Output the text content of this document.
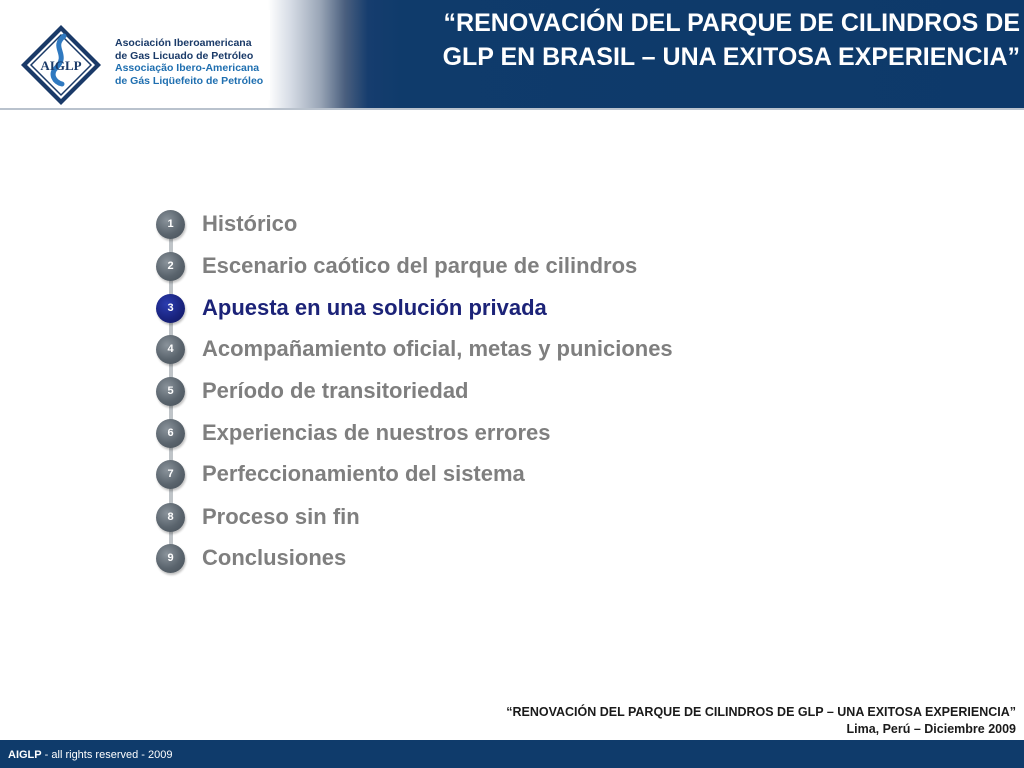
AIGLP
Asociación Iberoamericana
de Gas Licuado de Petróleo
Associação Ibero-Americana
de Gás Liqüefeito de Petróleo
“RENOVACIÓN DEL PARQUE DE CILINDROS DE
GLP EN BRASIL – UNA EXITOSA EXPERIENCIA”
1	Histórico
2	Escenario caótico del parque de cilindros
3	Apuesta en una solución privada
4	Acompañamiento oficial, metas y puniciones
5	Período de transitoriedad
6	Experiencias de nuestros errores
7	Perfeccionamiento del sistema
8	Proceso sin fin
9	Conclusiones
“RENOVACIÓN DEL PARQUE DE CILINDROS DE GLP – UNA EXITOSA EXPERIENCIA”
Lima, Perú – Diciembre 2009
AIGLP - all rights reserved - 2009
